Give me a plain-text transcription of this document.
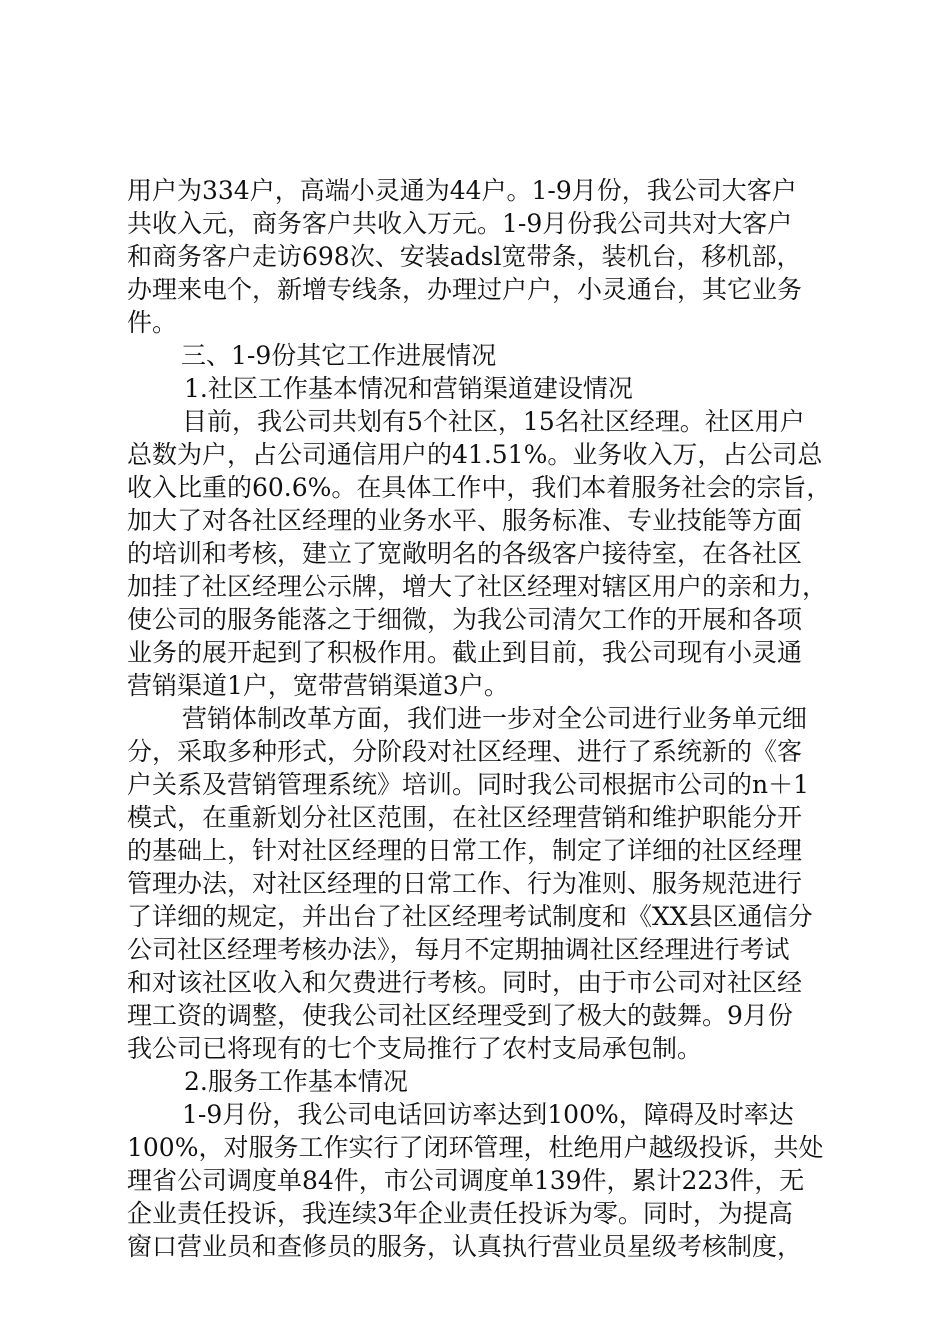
用户为334户，高端小灵通为44户。1-9月份，我公司大客户
共收入元，商务客户共收入万元。1-9月份我公司共对大客户
和商务客户走访698次、安装adsl宽带条，装机台，移机部，
办理来电个，新增专线条，办理过户户，小灵通台，其它业务
件。
三、1-9份其它工作进展情况
1.社区工作基本情况和营销渠道建设情况
目前，我公司共划有5个社区，15名社区经理。社区用户
总数为户，占公司通信用户的41.51%。业务收入万，占公司总
收入比重的60.6%。在具体工作中，我们本着服务社会的宗旨，
加大了对各社区经理的业务水平、服务标准、专业技能等方面
的培训和考核，建立了宽敞明名的各级客户接待室，在各社区
加挂了社区经理公示牌，增大了社区经理对辖区用户的亲和力，
使公司的服务能落之于细微，为我公司清欠工作的开展和各项
业务的展开起到了积极作用。截止到目前，我公司现有小灵通
营销渠道1户，宽带营销渠道3户。
营销体制改革方面，我们进一步对全公司进行业务单元细
分，采取多种形式，分阶段对社区经理、进行了系统新的《客
户关系及营销管理系统》培训。同时我公司根据市公司的n＋1
模式，在重新划分社区范围，在社区经理营销和维护职能分开
的基础上，针对社区经理的日常工作，制定了详细的社区经理
管理办法，对社区经理的日常工作、行为准则、服务规范进行
了详细的规定，并出台了社区经理考试制度和《XX县区通信分
公司社区经理考核办法》，每月不定期抽调社区经理进行考试
和对该社区收入和欠费进行考核。同时，由于市公司对社区经
理工资的调整，使我公司社区经理受到了极大的鼓舞。9月份
我公司已将现有的七个支局推行了农村支局承包制。
2.服务工作基本情况
1-9月份，我公司电话回访率达到100%，障碍及时率达
100%，对服务工作实行了闭环管理，杜绝用户越级投诉，共处
理省公司调度单84件，市公司调度单139件，累计223件，无
企业责任投诉，我连续3年企业责任投诉为零。同时，为提高
窗口营业员和查修员的服务，认真执行营业员星级考核制度，
